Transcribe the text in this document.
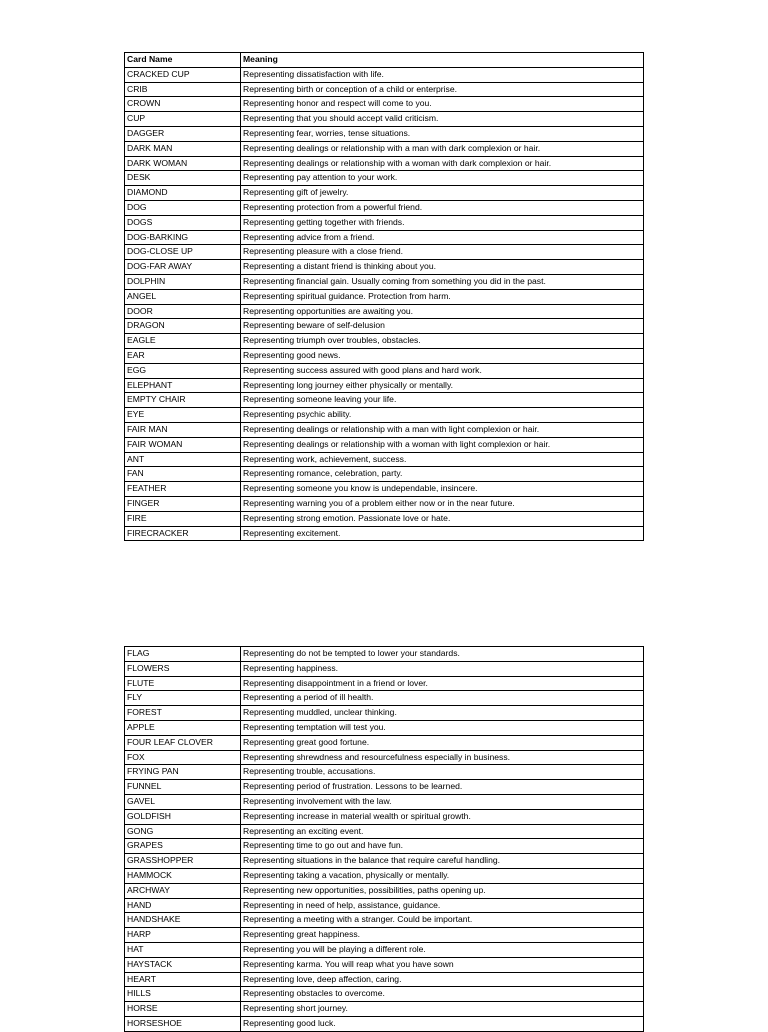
Card Name	Meaning
CRACKED CUP	Representing dissatisfaction with life.
CRIB	Representing birth or conception of a child or enterprise.
CROWN	Representing honor and respect will come to you.
CUP	Representing that you should accept valid criticism.
DAGGER	Representing fear, worries, tense situations.
DARK MAN	Representing dealings or relationship with a man with dark complexion or hair.
DARK WOMAN	Representing dealings or relationship with a woman with dark complexion or hair.
DESK	Representing pay attention to your work.
DIAMOND	Representing gift of jewelry.
DOG	Representing protection from a powerful friend.
DOGS	Representing getting together with friends.
DOG-BARKING	Representing advice from a friend.
DOG-CLOSE UP	Representing pleasure with a close friend.
DOG-FAR AWAY	Representing a distant friend is thinking about you.
DOLPHIN	Representing financial gain. Usually coming from something you did in the past.
ANGEL	Representing spiritual guidance. Protection from harm.
DOOR	Representing opportunities are awaiting you.
DRAGON	Representing beware of self-delusion
EAGLE	Representing triumph over troubles, obstacles.
EAR	Representing good news.
EGG	Representing success assured with good plans and hard work.
ELEPHANT	Representing long journey either physically or mentally.
EMPTY CHAIR	Representing someone leaving your life.
EYE	Representing psychic ability.
FAIR MAN	Representing dealings or relationship with a man with light complexion or hair.
FAIR WOMAN	Representing dealings or relationship with a woman with light complexion or hair.
ANT	Representing work, achievement, success.
FAN	Representing romance, celebration, party.
FEATHER	Representing someone you know is undependable, insincere.
FINGER	Representing warning you of a problem either now or in the near future.
FIRE	Representing strong emotion. Passionate love or hate.
FIRECRACKER	Representing excitement.
FLAG	Representing do not be tempted to lower your standards.
FLOWERS	Representing happiness.
FLUTE	Representing disappointment in a friend or lover.
FLY	Representing a period of ill health.
FOREST	Representing muddled, unclear thinking.
APPLE	Representing temptation will test you.
FOUR LEAF CLOVER	Representing great good fortune.
FOX	Representing shrewdness and resourcefulness especially in business.
FRYING PAN	Representing trouble, accusations.
FUNNEL	Representing period of frustration. Lessons to be learned.
GAVEL	Representing involvement with the law.
GOLDFISH	Representing increase in material wealth or spiritual growth.
GONG	Representing an exciting event.
GRAPES	Representing time to go out and have fun.
GRASSHOPPER	Representing situations in the balance that require careful handling.
HAMMOCK	Representing taking a vacation, physically or mentally.
ARCHWAY	Representing new opportunities, possibilities, paths opening up.
HAND	Representing in need of help, assistance, guidance.
HANDSHAKE	Representing a meeting with a stranger. Could be important.
HARP	Representing great happiness.
HAT	Representing you will be playing a different role.
HAYSTACK	Representing karma. You will reap what you have sown
HEART	Representing love, deep affection, caring.
HILLS	Representing obstacles to overcome.
HORSE	Representing short journey.
HORSESHOE	Representing good luck.
